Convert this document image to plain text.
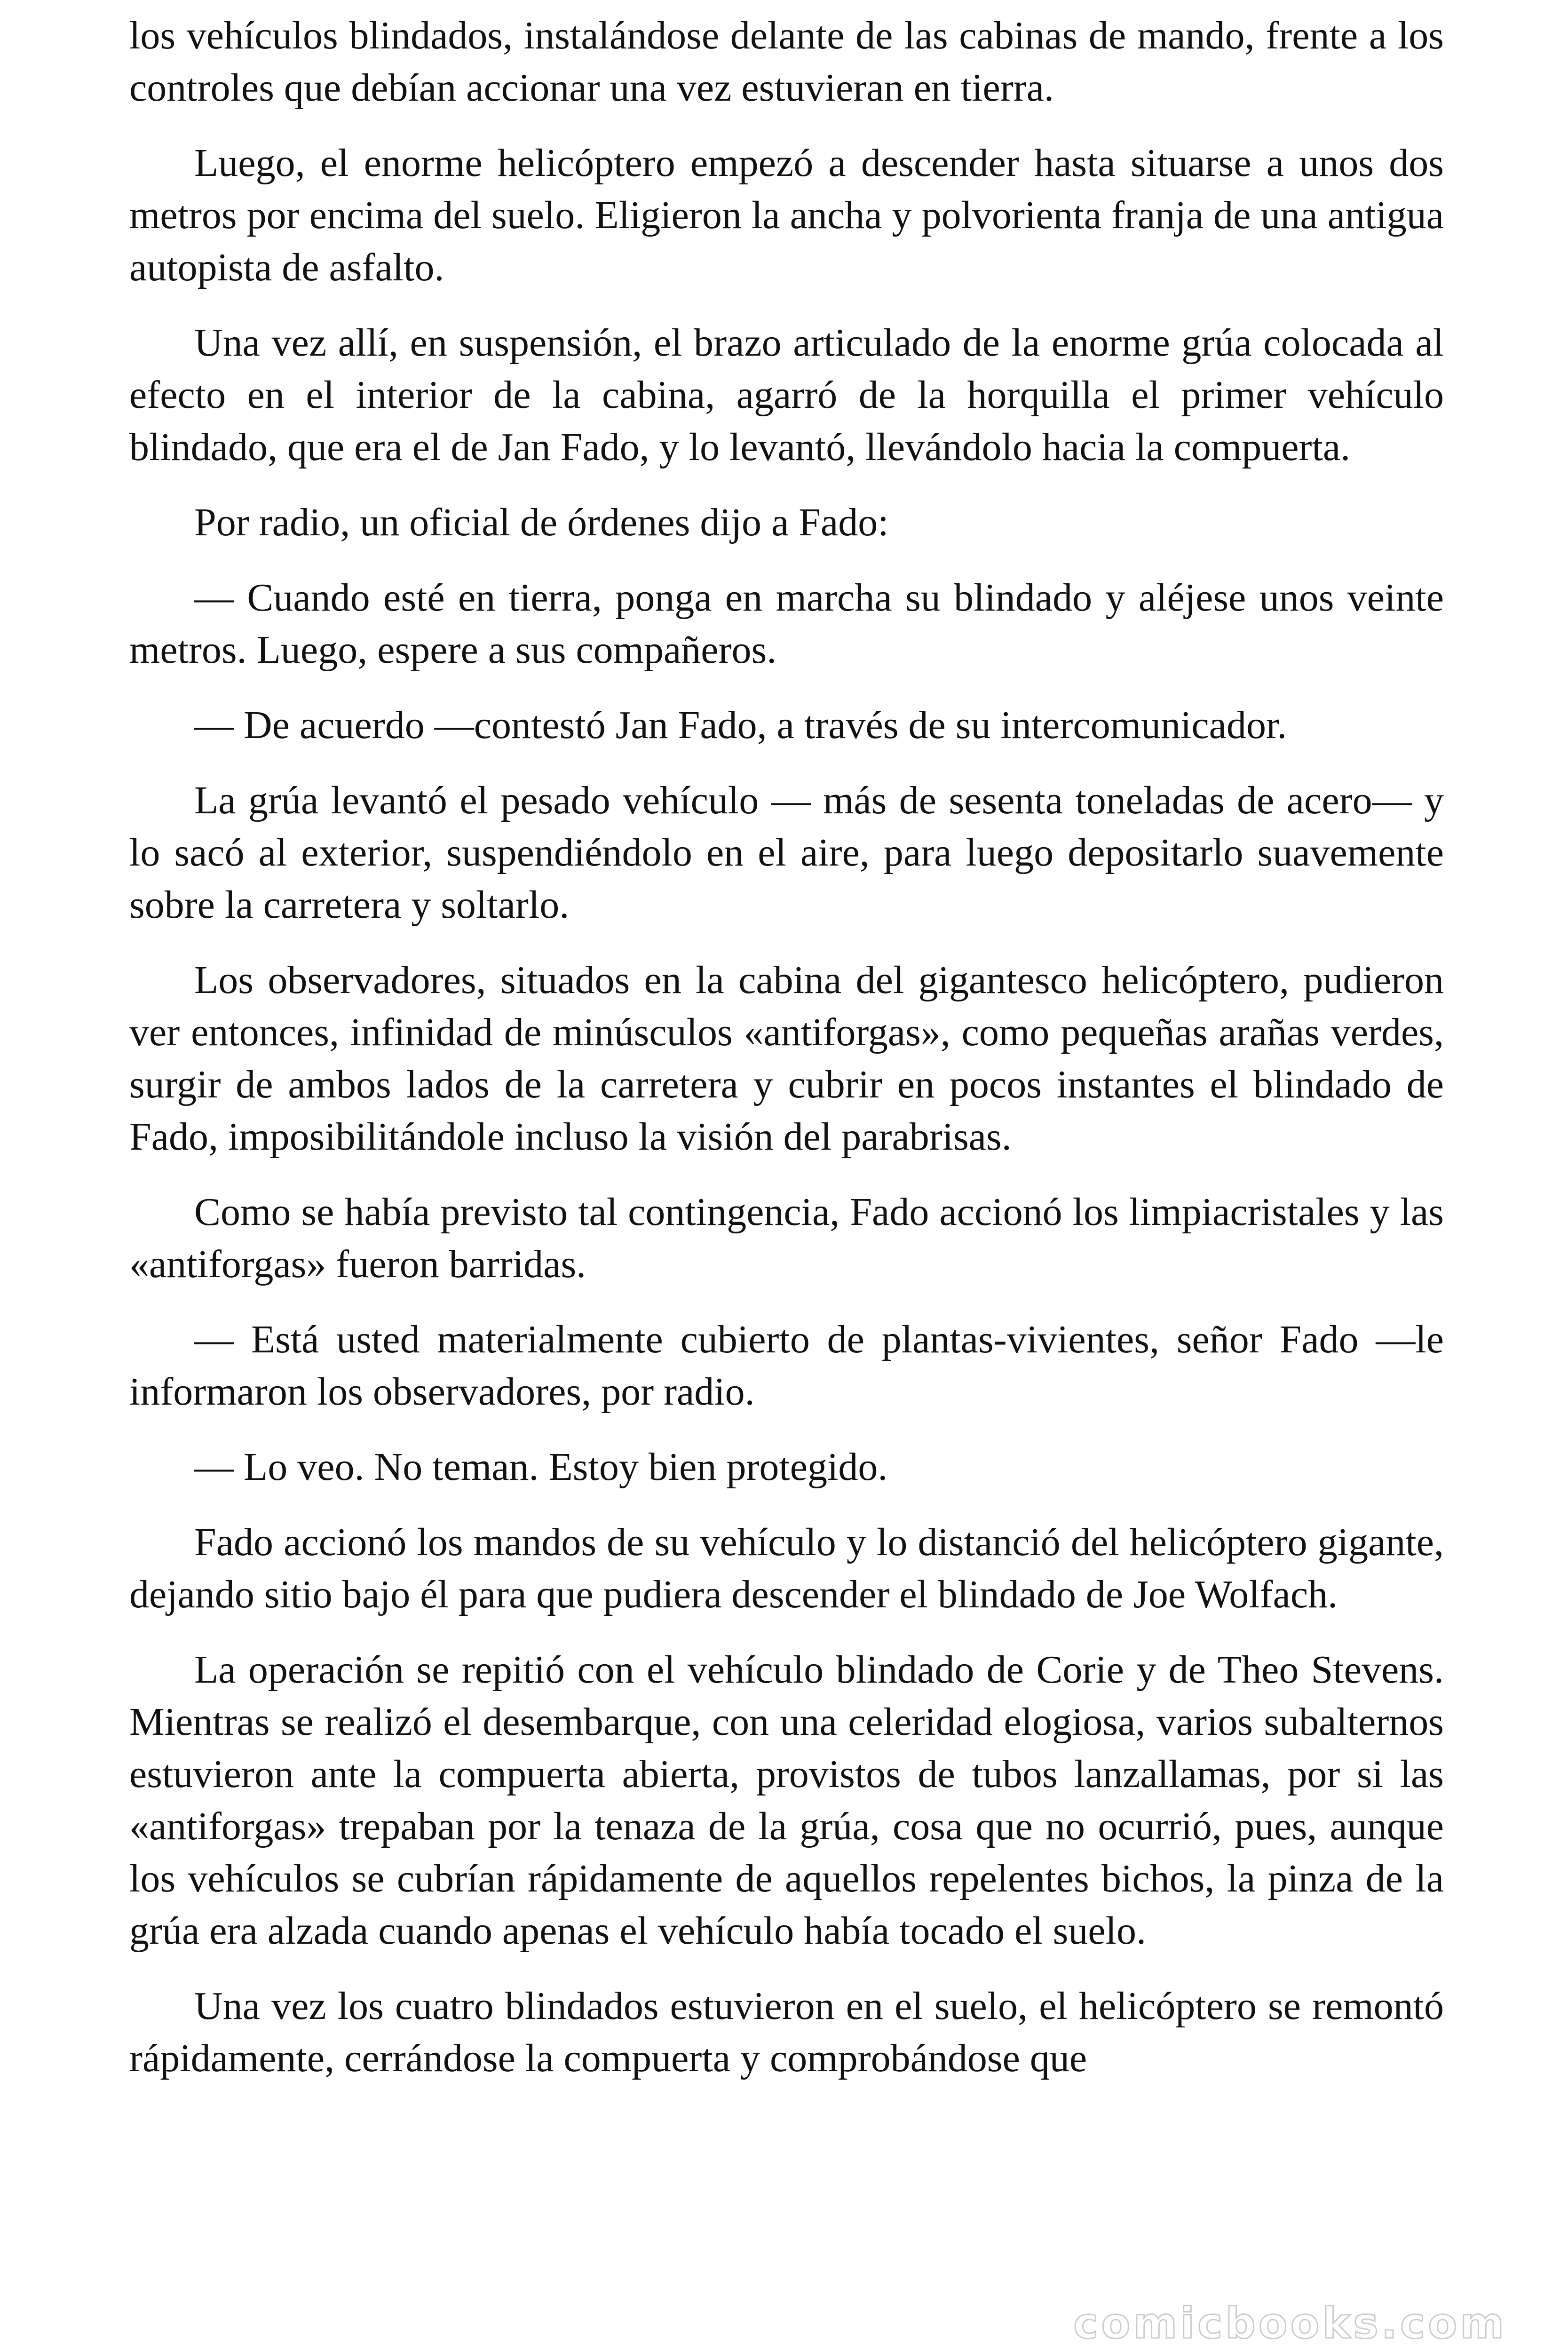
los vehículos blindados, instalándose delante de las cabinas de mando, frente a los controles que debían accionar una vez estuvieran en tierra.

Luego, el enorme helicóptero empezó a descender hasta situarse a unos dos metros por encima del suelo. Eligieron la ancha y polvorienta franja de una antigua autopista de asfalto.

Una vez allí, en suspensión, el brazo articulado de la enorme grúa colocada al efecto en el interior de la cabina, agarró de la horquilla el primer vehículo blindado, que era el de Jan Fado, y lo levantó, llevándolo hacia la compuerta.

Por radio, un oficial de órdenes dijo a Fado:

— Cuando esté en tierra, ponga en marcha su blindado y aléjese unos veinte metros. Luego, espere a sus compañeros.

— De acuerdo —contestó Jan Fado, a través de su intercomunicador.

La grúa levantó el pesado vehículo — más de sesenta toneladas de acero— y lo sacó al exterior, suspendiéndolo en el aire, para luego depositarlo suavemente sobre la carretera y soltarlo.

Los observadores, situados en la cabina del gigantesco helicóptero, pudieron ver entonces, infinidad de minúsculos «antiforgas», como pequeñas arañas verdes, surgir de ambos lados de la carretera y cubrir en pocos instantes el blindado de Fado, imposibilitándole incluso la visión del parabrisas.

Como se había previsto tal contingencia, Fado accionó los limpiacristales y las «antiforgas» fueron barridas.

— Está usted materialmente cubierto de plantas-vivientes, señor Fado —le informaron los observadores, por radio.

— Lo veo. No teman. Estoy bien protegido.

Fado accionó los mandos de su vehículo y lo distanció del helicóptero gigante, dejando sitio bajo él para que pudiera descender el blindado de Joe Wolfach.

La operación se repitió con el vehículo blindado de Corie y de Theo Stevens. Mientras se realizó el desembarque, con una celeridad elogiosa, varios subalternos estuvieron ante la compuerta abierta, provistos de tubos lanzallamas, por si las «antiforgas» trepaban por la tenaza de la grúa, cosa que no ocurrió, pues, aunque los vehículos se cubrían rápidamente de aquellos repelentes bichos, la pinza de la grúa era alzada cuando apenas el vehículo había tocado el suelo.

Una vez los cuatro blindados estuvieron en el suelo, el helicóptero se remontó rápidamente, cerrándose la compuerta y comprobándose que

comicbooks.com
